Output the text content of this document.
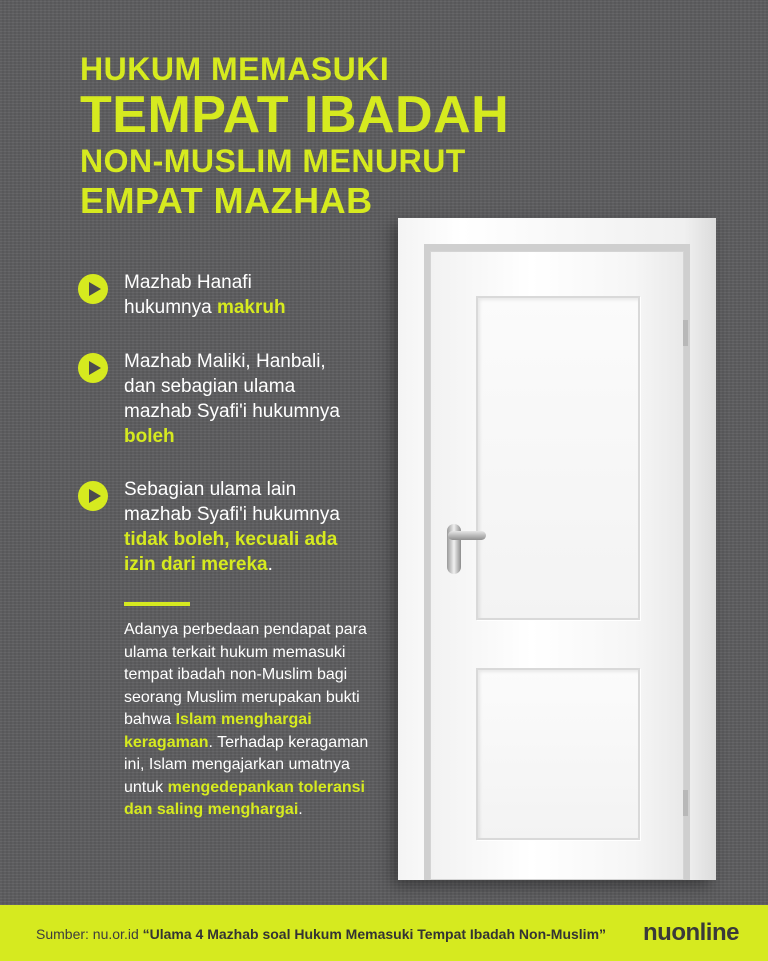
HUKUM MEMASUKI
TEMPAT IBADAH
NON-MUSLIM MENURUT
EMPAT MAZHAB
Mazhab Hanafi
hukumnya makruh
Mazhab Maliki, Hanbali,
dan sebagian ulama
mazhab Syafi'i hukumnya
boleh
Sebagian ulama lain
mazhab Syafi'i hukumnya
tidak boleh, kecuali ada
izin dari mereka.
Adanya perbedaan pendapat para ulama terkait hukum memasuki tempat ibadah non-Muslim bagi seorang Muslim merupakan bukti bahwa Islam menghargai keragaman. Terhadap keragaman ini, Islam mengajarkan umatnya untuk mengedepankan toleransi dan saling menghargai.
Sumber: nu.or.id “Ulama 4 Mazhab soal Hukum Memasuki Tempat Ibadah Non-Muslim” nuonline
